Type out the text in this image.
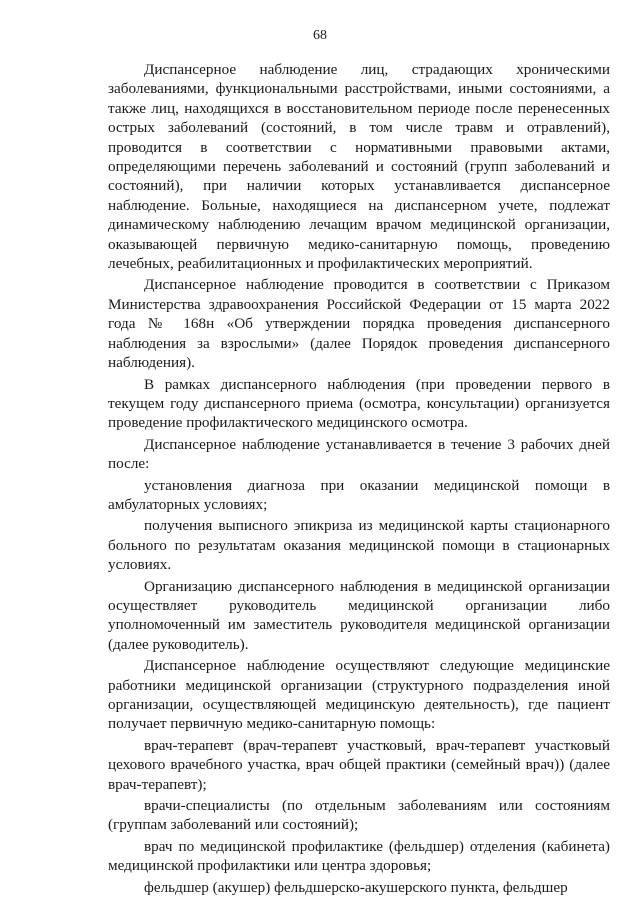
68

Диспансерное наблюдение лиц, страдающих хроническими заболеваниями, функциональными расстройствами, иными состояниями, а также лиц, находящихся в восстановительном периоде после перенесенных острых заболеваний (состояний, в том числе травм и отравлений), проводится в соответствии с нормативными правовыми актами, определяющими перечень заболеваний и состояний (групп заболеваний и состояний), при наличии которых устанавливается диспансерное наблюдение. Больные, находящиеся на диспансерном учете, подлежат динамическому наблюдению лечащим врачом медицинской организации, оказывающей первичную медико-санитарную помощь, проведению лечебных, реабилитационных и профилактических мероприятий.

Диспансерное наблюдение проводится в соответствии с Приказом Министерства здравоохранения Российской Федерации от 15 марта 2022 года № 168н «Об утверждении порядка проведения диспансерного наблюдения за взрослыми» (далее Порядок проведения диспансерного наблюдения).

В рамках диспансерного наблюдения (при проведении первого в текущем году диспансерного приема (осмотра, консультации) организуется проведение профилактического медицинского осмотра.

Диспансерное наблюдение устанавливается в течение 3 рабочих дней после:

установления диагноза при оказании медицинской помощи в амбулаторных условиях;

получения выписного эпикриза из медицинской карты стационарного больного по результатам оказания медицинской помощи в стационарных условиях.

Организацию диспансерного наблюдения в медицинской организации осуществляет руководитель медицинской организации либо уполномоченный им заместитель руководителя медицинской организации (далее руководитель).

Диспансерное наблюдение осуществляют следующие медицинские работники медицинской организации (структурного подразделения иной организации, осуществляющей медицинскую деятельность), где пациент получает первичную медико-санитарную помощь:

врач-терапевт (врач-терапевт участковый, врач-терапевт участковый цехового врачебного участка, врач общей практики (семейный врач)) (далее врач-терапевт);

врачи-специалисты (по отдельным заболеваниям или состояниям (группам заболеваний или состояний);

врач по медицинской профилактике (фельдшер) отделения (кабинета) медицинской профилактики или центра здоровья;

фельдшер (акушер) фельдшерско-акушерского пункта, фельдшер
